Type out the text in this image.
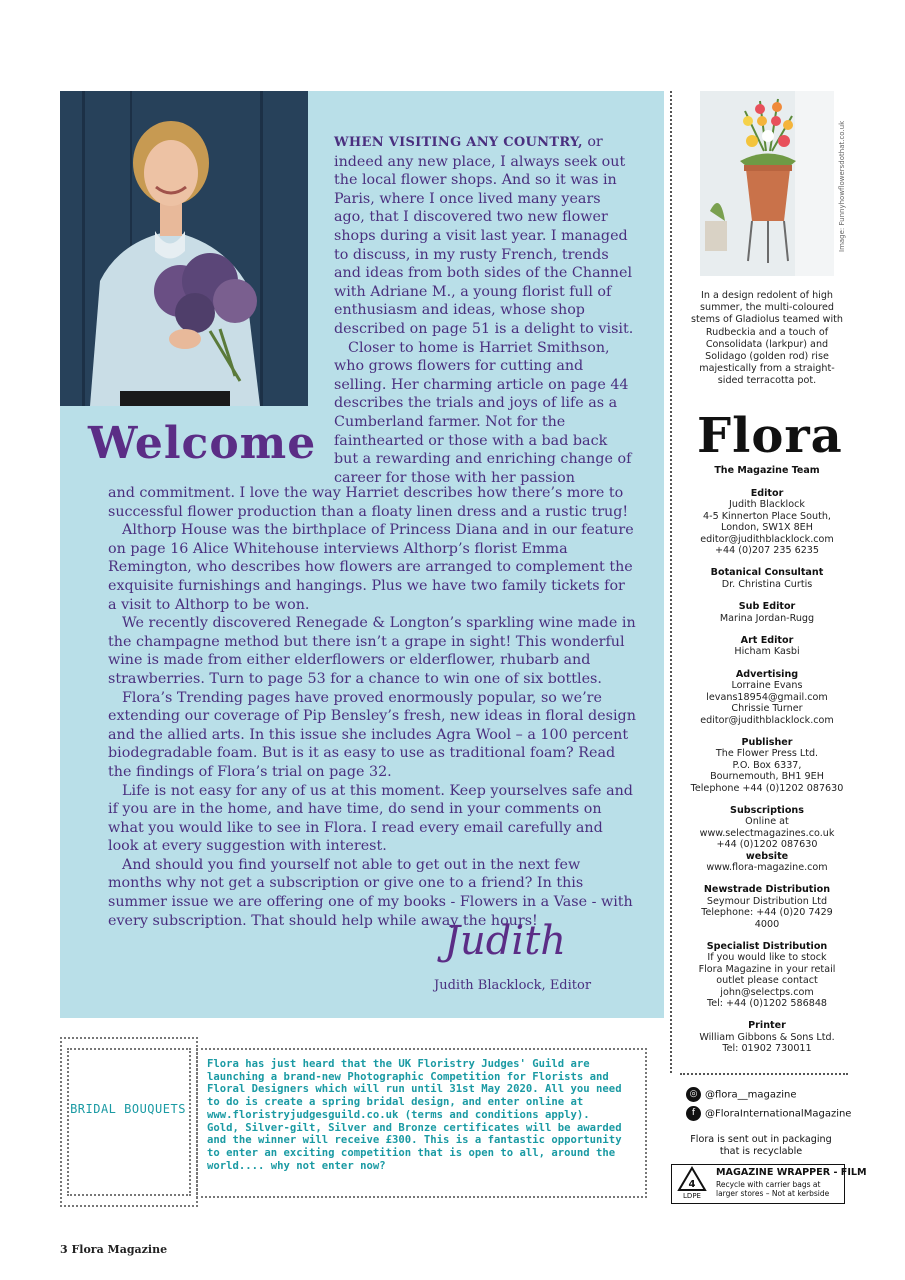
Welcome

WHEN VISITING ANY COUNTRY, or indeed any new place, I always seek out the local flower shops. And so it was in Paris, where I once lived many years ago, that I discovered two new flower shops during a visit last year. I managed to discuss, in my rusty French, trends and ideas from both sides of the Channel with Adriane M., a young florist full of enthusiasm and ideas, whose shop described on page 51 is a delight to visit.

Closer to home is Harriet Smithson, who grows flowers for cutting and selling. Her charming article on page 44 describes the trials and joys of life as a Cumberland farmer. Not for the fainthearted or those with a bad back but a rewarding and enriching change of career for those with her passion

and commitment. I love the way Harriet describes how there’s more to successful flower production than a floaty linen dress and a rustic trug!

Althorp House was the birthplace of Princess Diana and in our feature on page 16 Alice Whitehouse interviews Althorp’s florist Emma Remington, who describes how flowers are arranged to complement the exquisite furnishings and hangings. Plus we have two family tickets for a visit to Althorp to be won.

We recently discovered Renegade & Longton’s sparkling wine made in the champagne method but there isn’t a grape in sight! This wonderful wine is made from either elderflowers or elderflower, rhubarb and strawberries. Turn to page 53 for a chance to win one of six bottles.

Flora’s Trending pages have proved enormously popular, so we’re extending our coverage of Pip Bensley’s fresh, new ideas in floral design and the allied arts. In this issue she includes Agra Wool – a 100 percent biodegradable foam. But is it as easy to use as traditional foam? Read the findings of Flora’s trial on page 32.

Life is not easy for any of us at this moment. Keep yourselves safe and if you are in the home, and have time, do send in your comments on what you would like to see in Flora. I read every email carefully and look at every suggestion with interest.

And should you find yourself not able to get out in the next few months why not get a subscription or give one to a friend? In this summer issue we are offering one of my books - Flowers in a Vase - with every subscription. That should help while away the hours!

Judith
Judith Blacklock, Editor
Image: Funnyhowflowersdothat.co.uk
In a design redolent of high summer, the multi-coloured stems of Gladiolus teamed with Rudbeckia and a touch of Consolidata (larkpur) and Solidago (golden rod) rise majestically from a straight-sided terracotta pot.
Flora
The Magazine Team
Editor
Judith Blacklock
4-5 Kinnerton Place South,
London, SW1X 8EH
editor@judithblacklock.com
+44 (0)207 235 6235
Botanical Consultant
Dr. Christina Curtis
Sub Editor
Marina Jordan-Rugg
Art Editor
Hicham Kasbi
Advertising
Lorraine Evans
levans18954@gmail.com
Chrissie Turner
editor@judithblacklock.com
Publisher
The Flower Press Ltd.
P.O. Box 6337,
Bournemouth, BH1 9EH
Telephone +44 (0)1202 087630
Subscriptions
Online at
www.selectmagazines.co.uk
+44 (0)1202 087630
website
www.flora-magazine.com
Newstrade Distribution
Seymour Distribution Ltd
Telephone: +44 (0)20 7429
4000
Specialist Distribution
If you would like to stock
Flora Magazine in your retail
outlet please contact
john@selectps.com
Tel: +44 (0)1202 586848
Printer
William Gibbons & Sons Ltd.
Tel: 01902 730011
◎ @flora__magazine
f @FloraInternationalMagazine
Flora is sent out in packaging that is recyclable
4
LDPE
MAGAZINE WRAPPER - FILM
Recycle with carrier bags at larger stores – Not at kerbside
BRIDAL BOUQUETS
Flora has just heard that the UK Floristry Judges' Guild are launching a brand-new Photographic Competition for Florists and Floral Designers which will run until 31st May 2020. All you need to do is create a spring bridal design, and enter online at www.floristryjudgesguild.co.uk (terms and conditions apply).
Gold, Silver-gilt, Silver and Bronze certificates will be awarded and the winner will receive £300. This is a fantastic opportunity to enter an exciting competition that is open to all, around the world.... why not enter now?
3 Flora Magazine
